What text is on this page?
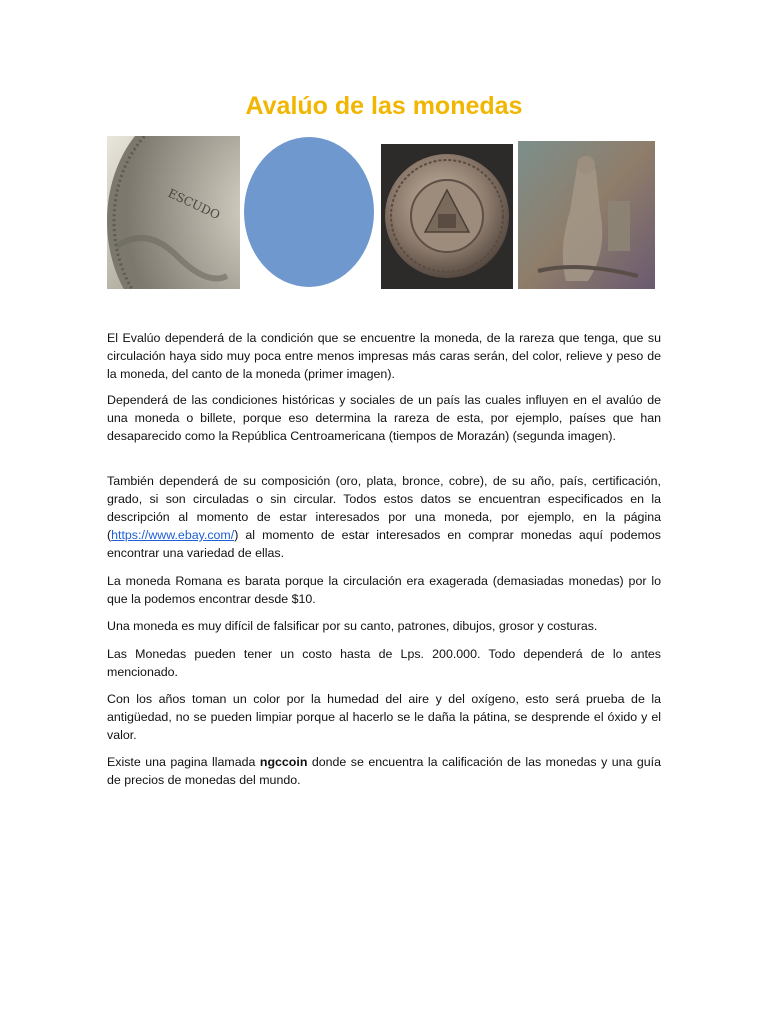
Avalúo de las monedas
ESCUDO

El Evalúo dependerá de la condición que se encuentre la moneda, de la rareza que tenga, que su circulación haya sido muy poca entre menos impresas más caras serán, del color, relieve y peso de la moneda, del canto de la moneda (primer imagen).

Dependerá de las condiciones históricas y sociales de un país las cuales influyen en el avalúo de una moneda o billete, porque eso determina la rareza de esta, por ejemplo, países que han desaparecido como la República Centroamericana (tiempos de Morazán) (segunda imagen).

También dependerá de su composición (oro, plata, bronce, cobre), de su año, país, certificación, grado, si son circuladas o sin circular. Todos estos datos se encuentran especificados en la descripción al momento de estar interesados por una moneda, por ejemplo, en la página (https://www.ebay.com/) al momento de estar interesados en comprar monedas aquí podemos encontrar una variedad de ellas.

La moneda Romana es barata porque la circulación era exagerada (demasiadas monedas) por lo que la podemos encontrar desde $10.

Una moneda es muy difícil de falsificar por su canto, patrones, dibujos, grosor y costuras.

Las Monedas pueden tener un costo hasta de Lps. 200.000. Todo dependerá de lo antes mencionado.

Con los años toman un color por la humedad del aire y del oxígeno, esto será prueba de la antigüedad, no se pueden limpiar porque al hacerlo se le daña la pátina, se desprende el óxido y el valor.

Existe una pagina llamada ngccoin donde se encuentra la calificación de las monedas y una guía de precios de monedas del mundo.
